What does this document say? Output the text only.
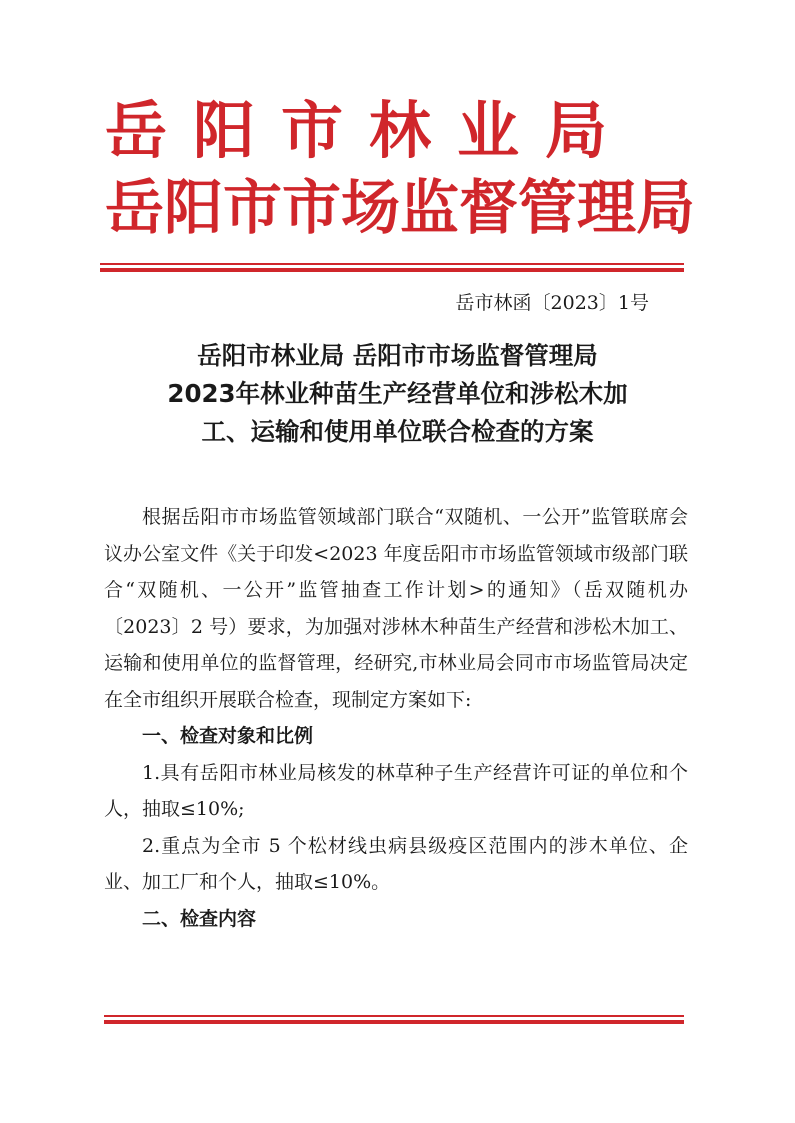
岳阳市林业局
岳阳市市场监督管理局
岳市林函〔2023〕1号
岳阳市林业局 岳阳市市场监督管理局
2023年林业种苗生产经营单位和涉松木加
工、运输和使用单位联合检查的方案

根据岳阳市市场监管领域部门联合“双随机、一公开”监管联席会议办公室文件《关于印发<2023 年度岳阳市市场监管领域市级部门联合“双随机、一公开”监管抽查工作计划>的通知》（岳双随机办〔2023〕2 号）要求，为加强对涉林木种苗生产经营和涉松木加工、运输和使用单位的监督管理，经研究,市林业局会同市市场监管局决定在全市组织开展联合检查，现制定方案如下:

一、检查对象和比例

1.具有岳阳市林业局核发的林草种子生产经营许可证的单位和个人，抽取≤10%;

2.重点为全市 5 个松材线虫病县级疫区范围内的涉木单位、企业、加工厂和个人，抽取≤10%。

二、检查内容
